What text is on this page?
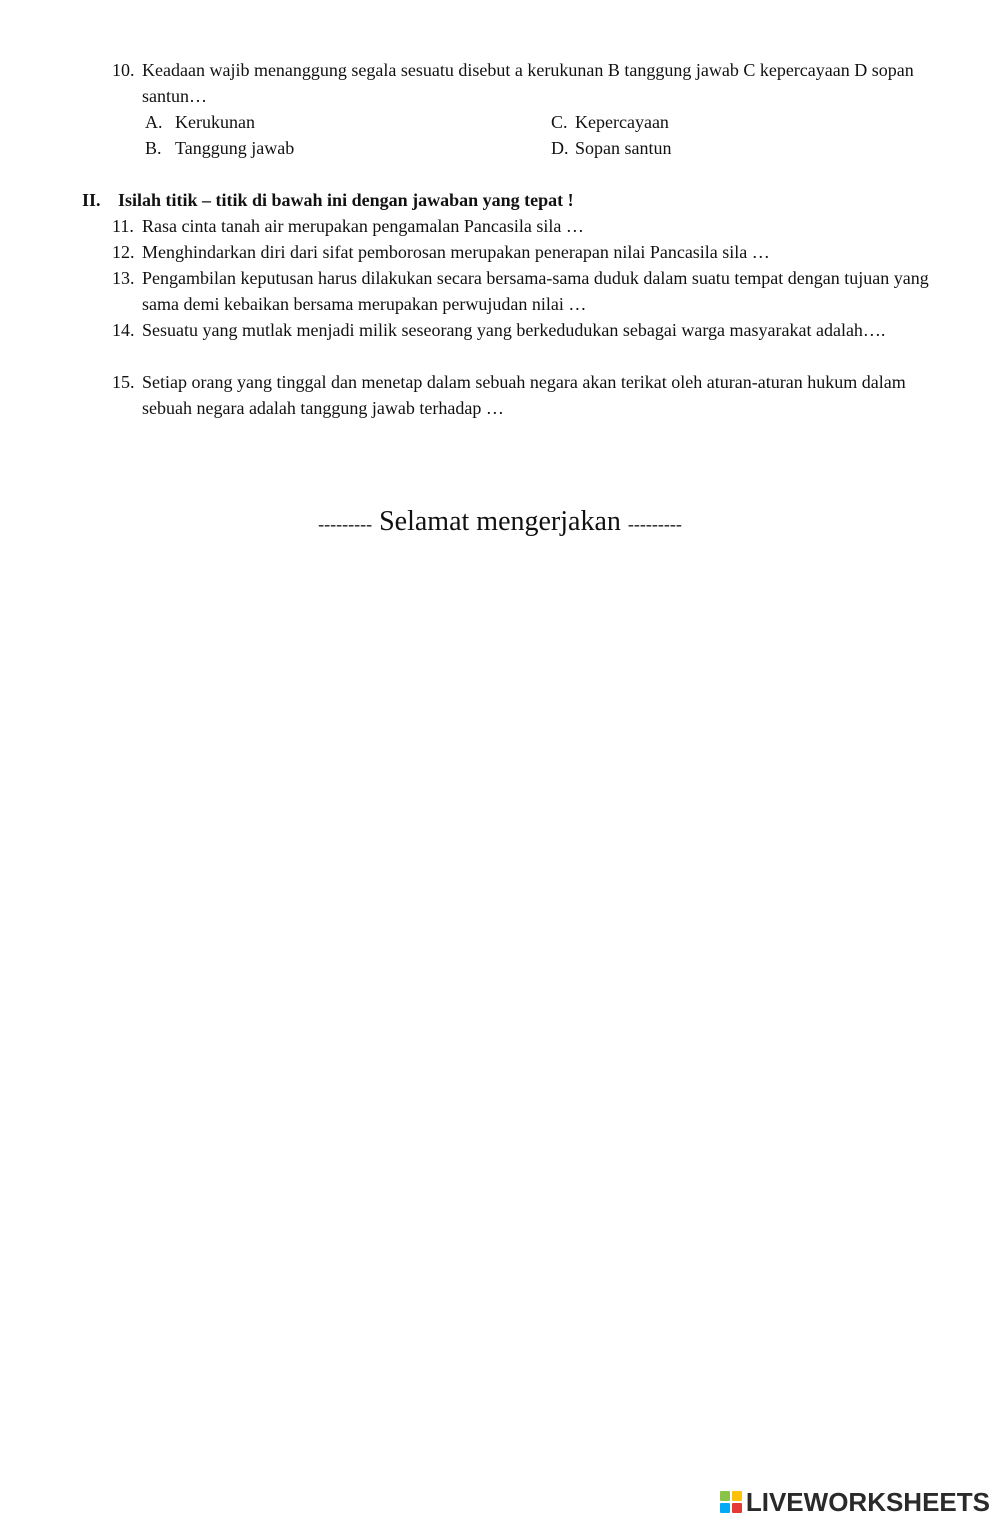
10. Keadaan wajib menanggung segala sesuatu disebut a kerukunan B tanggung jawab C kepercayaan D sopan santun…
A. Kerukunan
B. Tanggung jawab
C. Kepercayaan
D. Sopan santun
II. Isilah titik – titik di bawah ini dengan jawaban yang tepat !
11. Rasa cinta tanah air merupakan pengamalan Pancasila sila …
12. Menghindarkan diri dari sifat pemborosan merupakan penerapan nilai Pancasila sila …
13. Pengambilan keputusan harus dilakukan secara bersama-sama duduk dalam suatu tempat dengan tujuan yang sama demi kebaikan bersama merupakan perwujudan nilai …
14. Sesuatu yang mutlak menjadi milik seseorang yang berkedudukan sebagai warga masyarakat adalah….
15. Setiap orang yang tinggal dan menetap dalam sebuah negara akan terikat oleh aturan-aturan hukum dalam sebuah negara adalah tanggung jawab terhadap …
--------- Selamat mengerjakan ---------
LIVEWORKSHEETS
